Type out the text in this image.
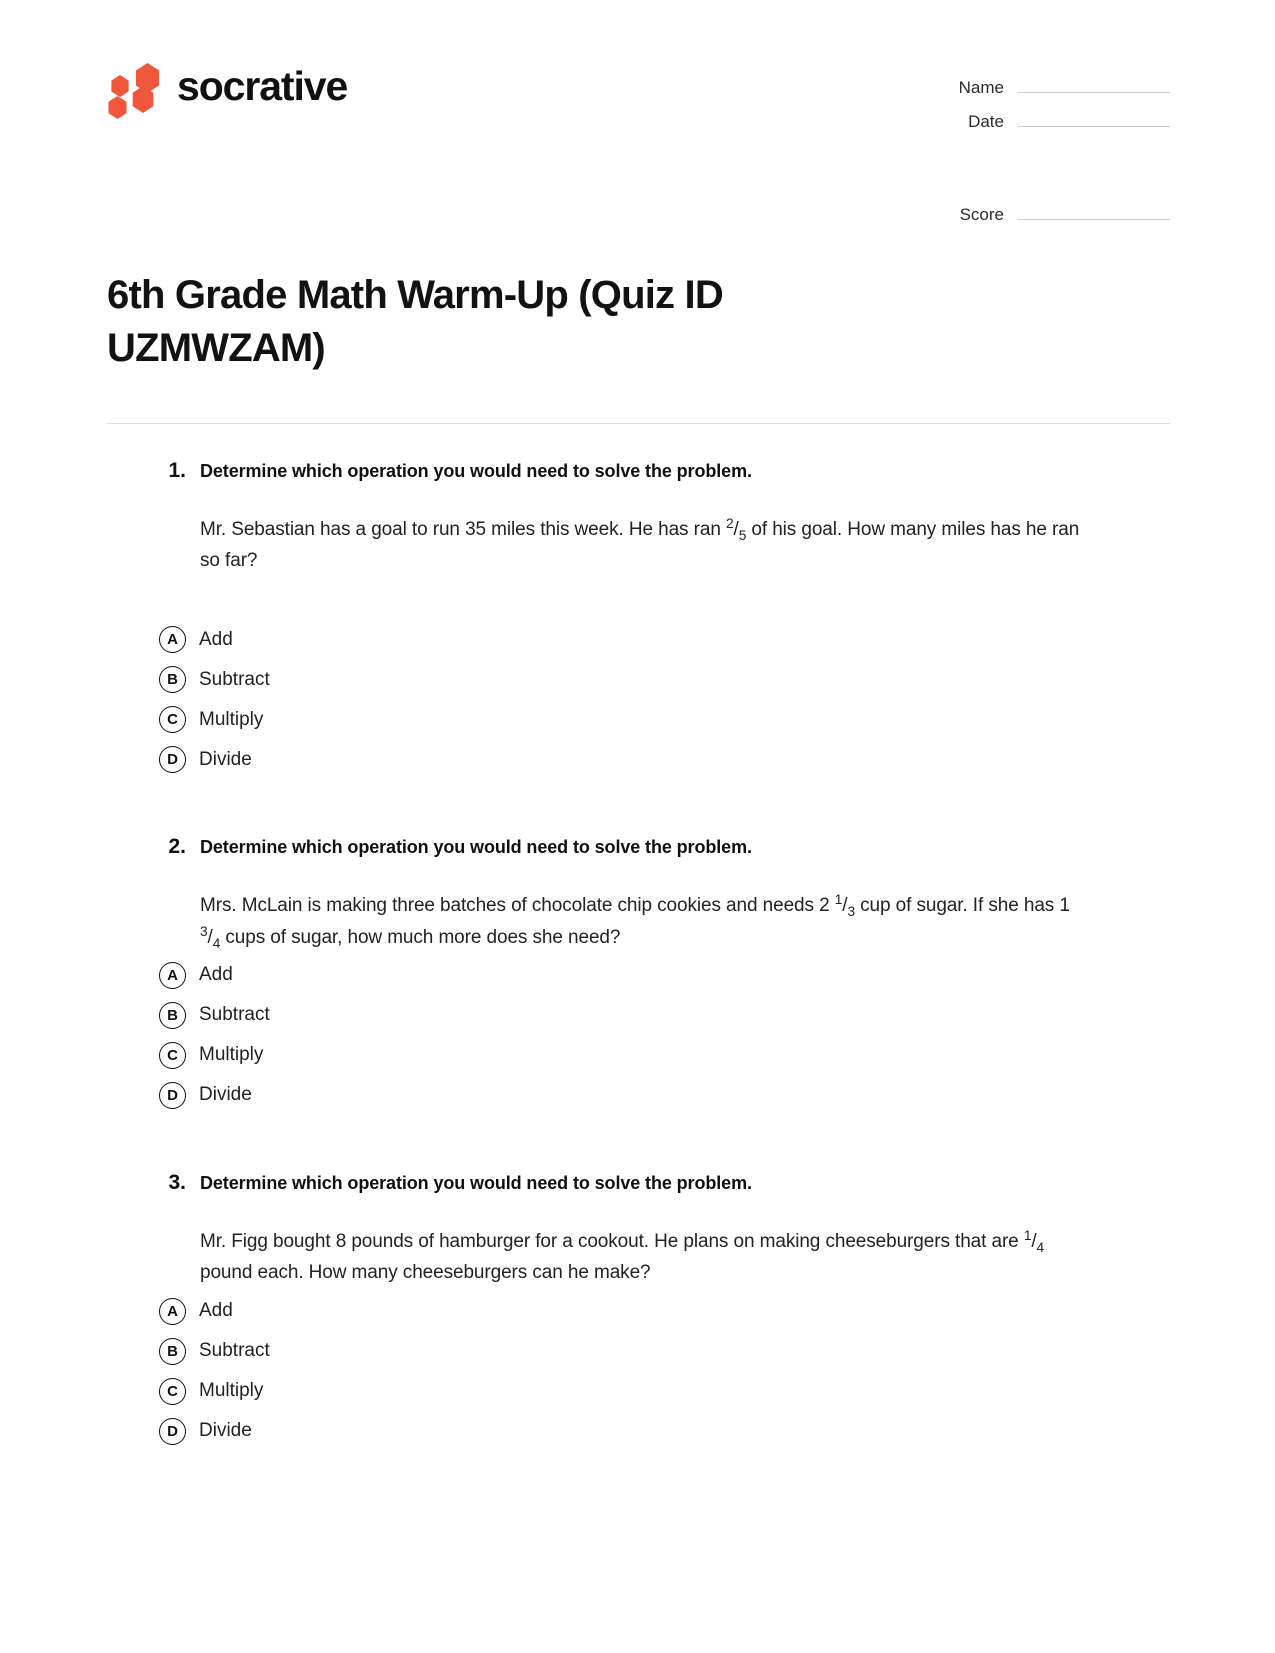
socrative	Name
Date
Score
6th Grade Math Warm-Up (Quiz ID UZMWZAM)
1. Determine which operation you would need to solve the problem.
Mr. Sebastian has a goal to run 35 miles this week. He has ran $^2/_5$ of his goal. How many miles has he ran so far?
A	Add
B	Subtract
C	Multiply
D	Divide
2. Determine which operation you would need to solve the problem.
Mrs. McLain is making three batches of chocolate chip cookies and needs 2 $^1/_3$ cup of sugar. If she has 1 $^3/_4$ cups of sugar, how much more does she need?
A	Add
B	Subtract
C	Multiply
D	Divide
3. Determine which operation you would need to solve the problem.
Mr. Figg bought 8 pounds of hamburger for a cookout. He plans on making cheeseburgers that are $^1/_4$ pound each. How many cheeseburgers can he make?
A	Add
B	Subtract
C	Multiply
D	Divide
